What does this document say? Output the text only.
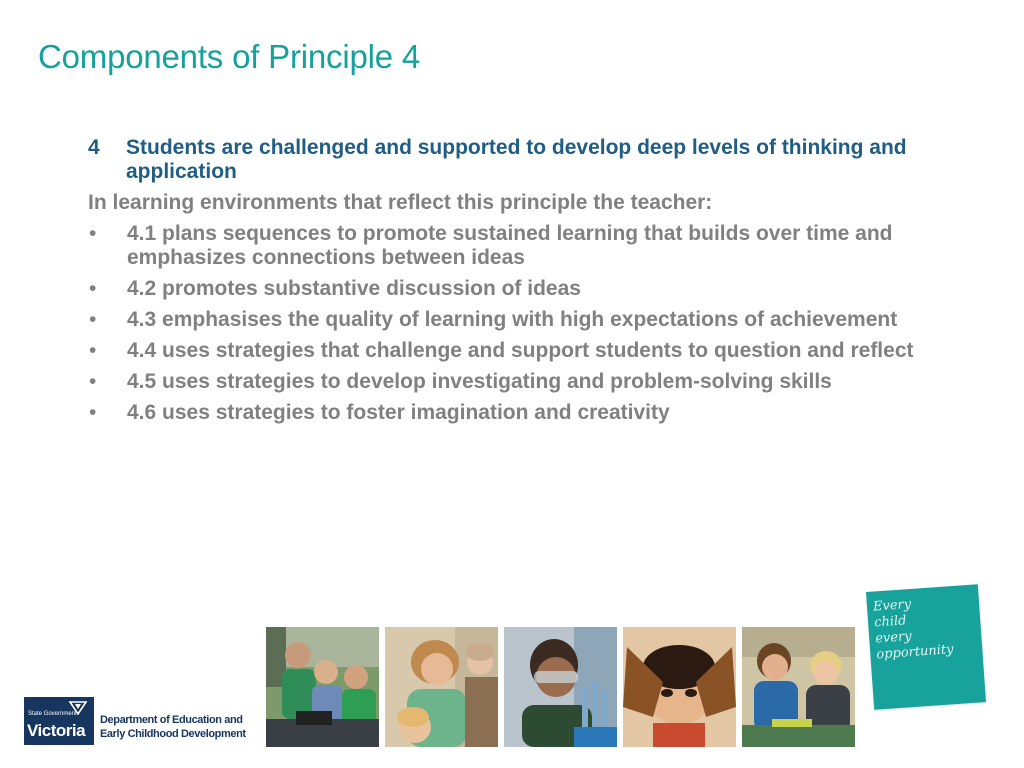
Components of Principle 4
4	Students are challenged and supported to develop deep levels of thinking and application
In learning environments that reflect this principle the teacher:
•	4.1 plans sequences to promote sustained learning that builds over time and emphasizes connections between ideas
•	4.2 promotes substantive discussion of ideas
•	4.3 emphasises the quality of learning with high expectations of achievement
•	4.4 uses strategies that challenge and support students to question and reflect
•	4.5 uses strategies to develop investigating and problem-solving skills
•	4.6 uses strategies to foster imagination and creativity
State Government
Victoria
Department of Education and
Early Childhood Development
Every
child
every
opportunity
